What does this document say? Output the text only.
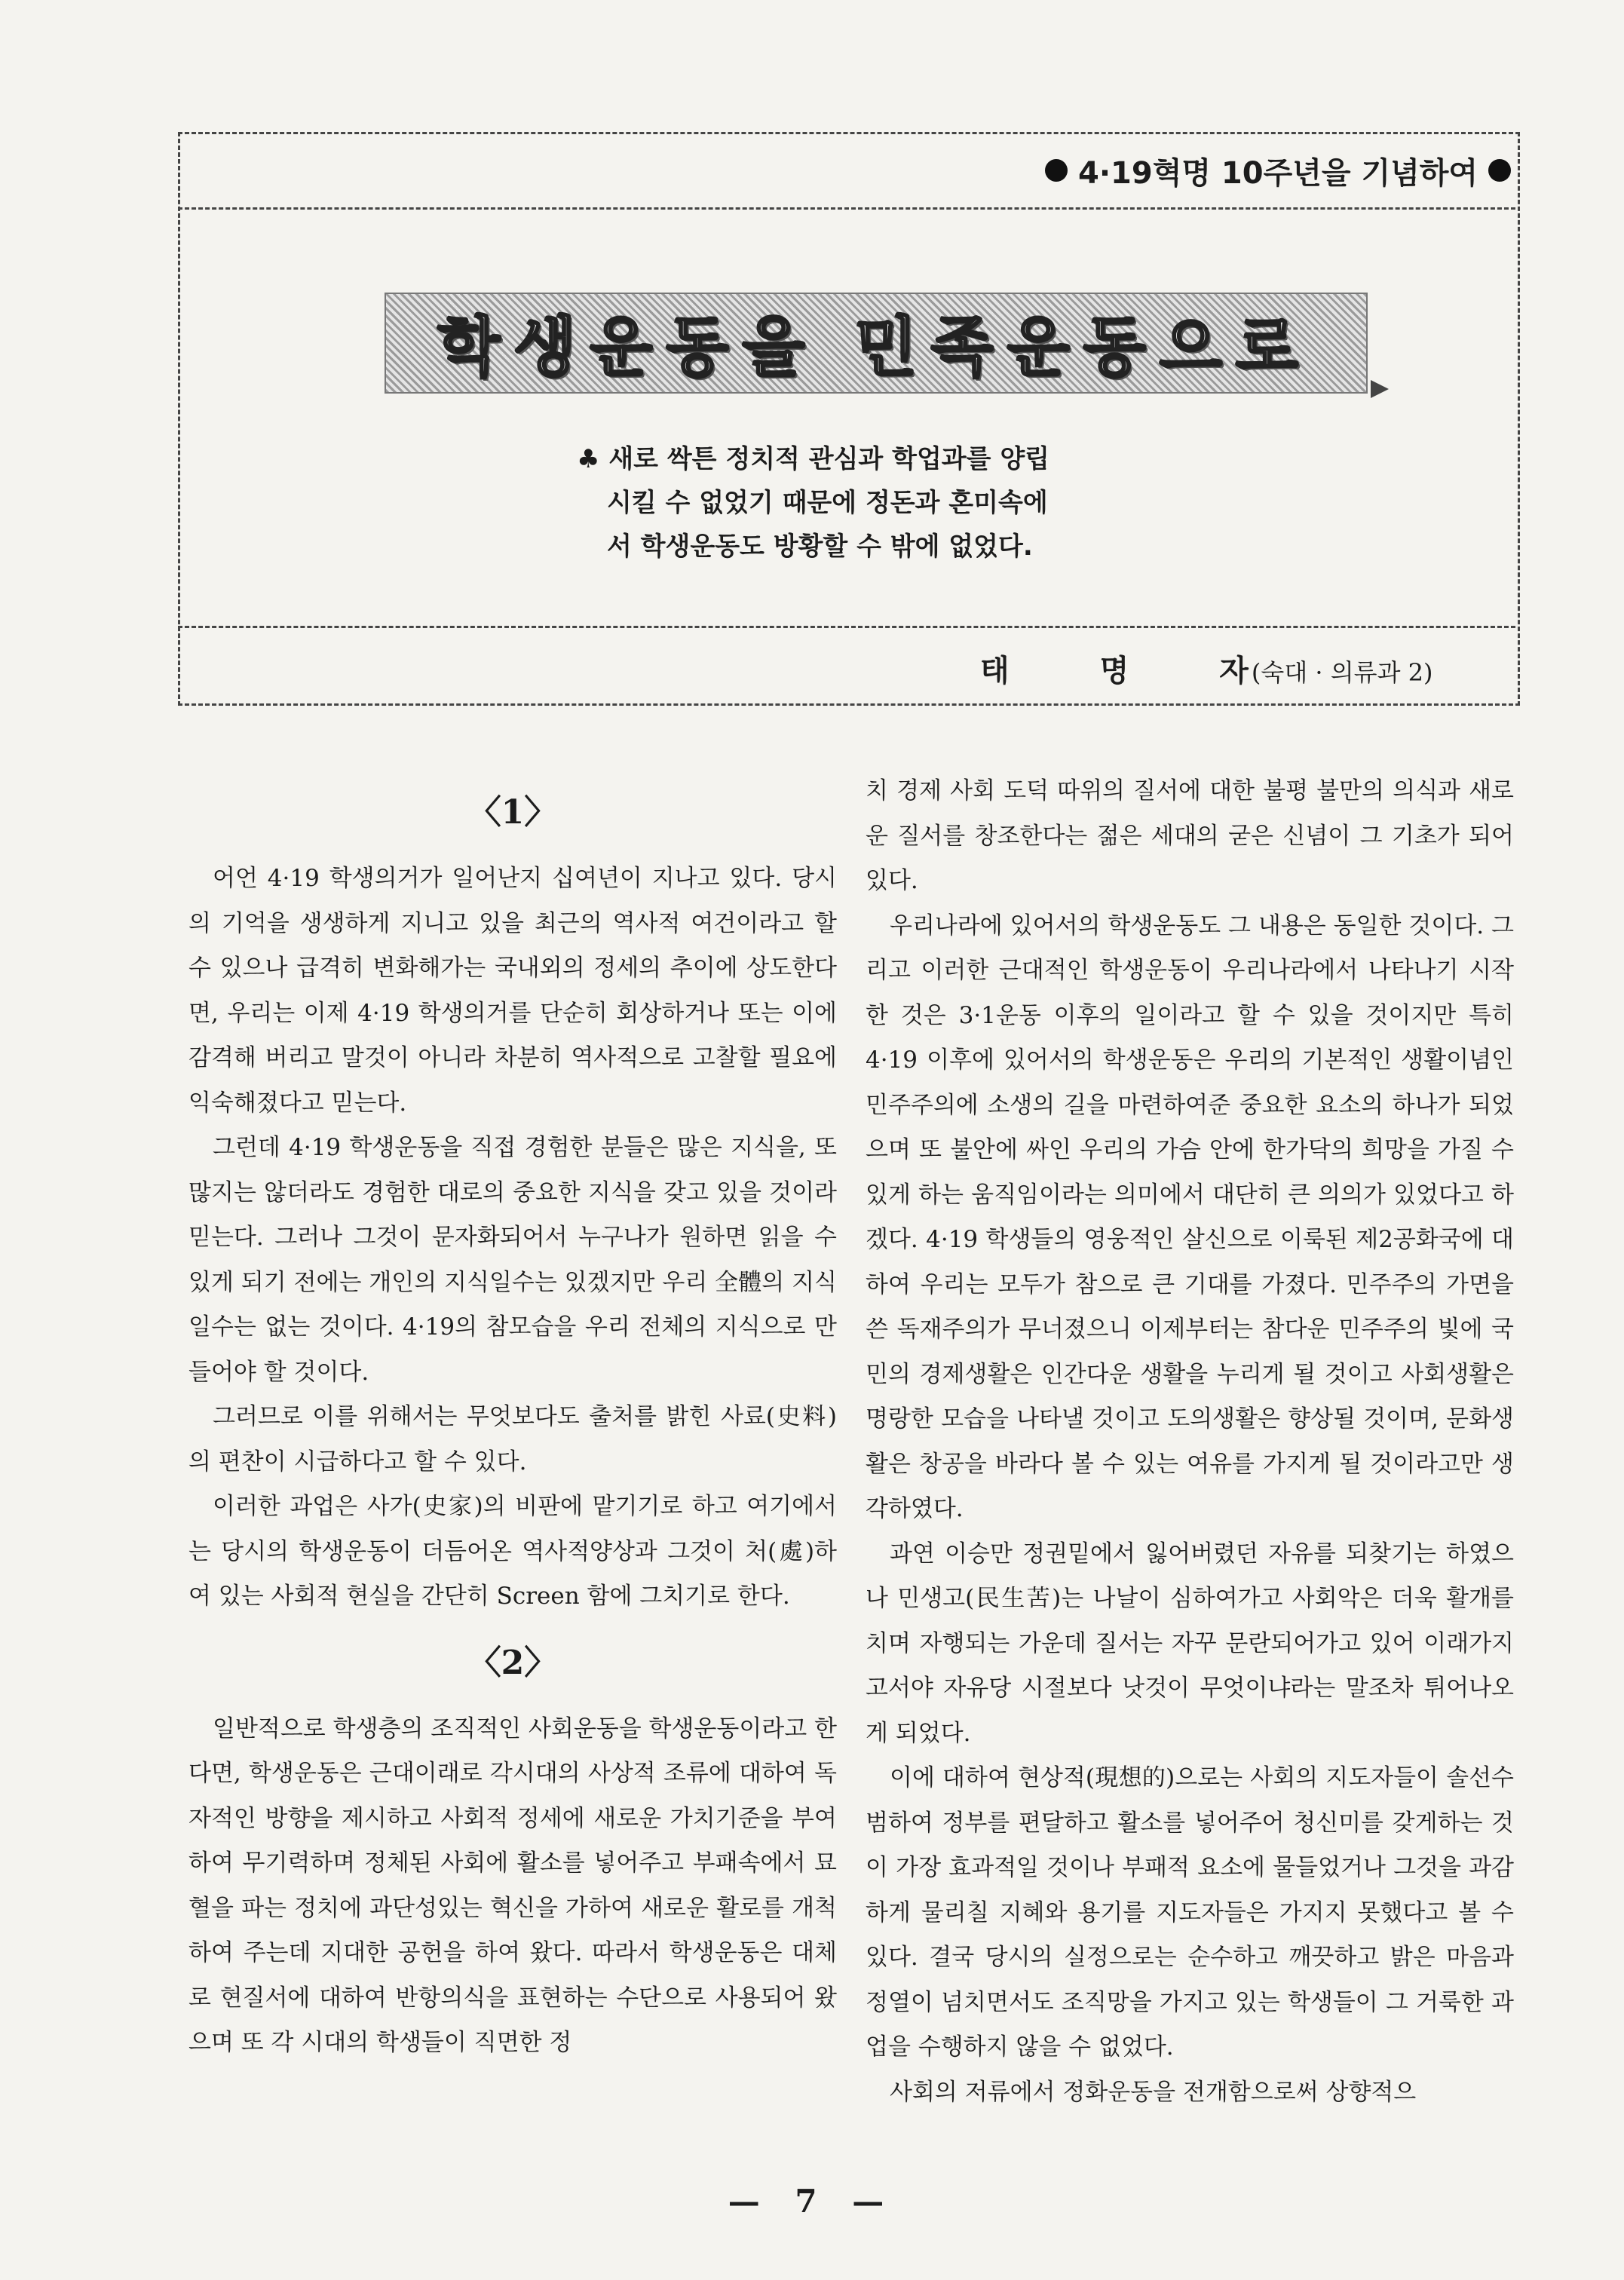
4·19혁명 10주년을 기념하여
학생운동을 민족운동으로
♣ 새로 싹튼 정치적 관심과 학업과를 양립
시킬 수 없었기 때문에 정돈과 혼미속에
서 학생운동도 방황할 수 밖에 없었다.
태	명	자 (숙대 · 의류과 2)
〈1〉

어언 4·19 학생의거가 일어난지 십여년이 지나고 있다. 당시의 기억을 생생하게 지니고 있을 최근의 역사적 여건이라고 할 수 있으나 급격히 변화해가는 국내외의 정세의 추이에 상도한다면, 우리는 이제 4·19 학생의거를 단순히 회상하거나 또는 이에 감격해 버리고 말것이 아니라 차분히 역사적으로 고찰할 필요에 익숙해졌다고 믿는다.

그런데 4·19 학생운동을 직접 경험한 분들은 많은 지식을, 또 많지는 않더라도 경험한 대로의 중요한 지식을 갖고 있을 것이라 믿는다. 그러나 그것이 문자화되어서 누구나가 원하면 읽을 수 있게 되기 전에는 개인의 지식일수는 있겠지만 우리 全體의 지식일수는 없는 것이다. 4·19의 참모습을 우리 전체의 지식으로 만들어야 할 것이다.

그러므로 이를 위해서는 무엇보다도 출처를 밝힌 사료(史料)의 편찬이 시급하다고 할 수 있다.

이러한 과업은 사가(史家)의 비판에 맡기기로 하고 여기에서는 당시의 학생운동이 더듬어온 역사적양상과 그것이 처(處)하여 있는 사회적 현실을 간단히 Screen 함에 그치기로 한다.

〈2〉

일반적으로 학생층의 조직적인 사회운동을 학생운동이라고 한다면, 학생운동은 근대이래로 각시대의 사상적 조류에 대하여 독자적인 방향을 제시하고 사회적 정세에 새로운 가치기준을 부여하여 무기력하며 정체된 사회에 활소를 넣어주고 부패속에서 묘혈을 파는 정치에 과단성있는 혁신을 가하여 새로운 활로를 개척하여 주는데 지대한 공헌을 하여 왔다. 따라서 학생운동은 대체로 현질서에 대하여 반항의식을 표현하는 수단으로 사용되어 왔으며 또 각 시대의 학생들이 직면한 정

치 경제 사회 도덕 따위의 질서에 대한 불평 불만의 의식과 새로운 질서를 창조한다는 젊은 세대의 굳은 신념이 그 기초가 되어 있다.

우리나라에 있어서의 학생운동도 그 내용은 동일한 것이다. 그리고 이러한 근대적인 학생운동이 우리나라에서 나타나기 시작한 것은 3·1운동 이후의 일이라고 할 수 있을 것이지만 특히 4·19 이후에 있어서의 학생운동은 우리의 기본적인 생활이념인 민주주의에 소생의 길을 마련하여준 중요한 요소의 하나가 되었으며 또 불안에 싸인 우리의 가슴 안에 한가닥의 희망을 가질 수 있게 하는 움직임이라는 의미에서 대단히 큰 의의가 있었다고 하겠다. 4·19 학생들의 영웅적인 살신으로 이룩된 제2공화국에 대하여 우리는 모두가 참으로 큰 기대를 가졌다. 민주주의 가면을 쓴 독재주의가 무너졌으니 이제부터는 참다운 민주주의 빛에 국민의 경제생활은 인간다운 생활을 누리게 될 것이고 사회생활은 명랑한 모습을 나타낼 것이고 도의생활은 향상될 것이며, 문화생활은 창공을 바라다 볼 수 있는 여유를 가지게 될 것이라고만 생각하였다.

과연 이승만 정권밑에서 잃어버렸던 자유를 되찾기는 하였으나 민생고(民生苦)는 나날이 심하여가고 사회악은 더욱 활개를 치며 자행되는 가운데 질서는 자꾸 문란되어가고 있어 이래가지고서야 자유당 시절보다 낫것이 무엇이냐라는 말조차 튀어나오게 되었다.

이에 대하여 현상적(現想的)으로는 사회의 지도자들이 솔선수범하여 정부를 편달하고 활소를 넣어주어 청신미를 갖게하는 것이 가장 효과적일 것이나 부패적 요소에 물들었거나 그것을 과감하게 물리칠 지혜와 용기를 지도자들은 가지지 못했다고 볼 수 있다. 결국 당시의 실정으로는 순수하고 깨끗하고 밝은 마음과 정열이 넘치면서도 조직망을 가지고 있는 학생들이 그 거룩한 과업을 수행하지 않을 수 없었다.

사회의 저류에서 정화운동을 전개함으로써 상향적으

— 7 —
